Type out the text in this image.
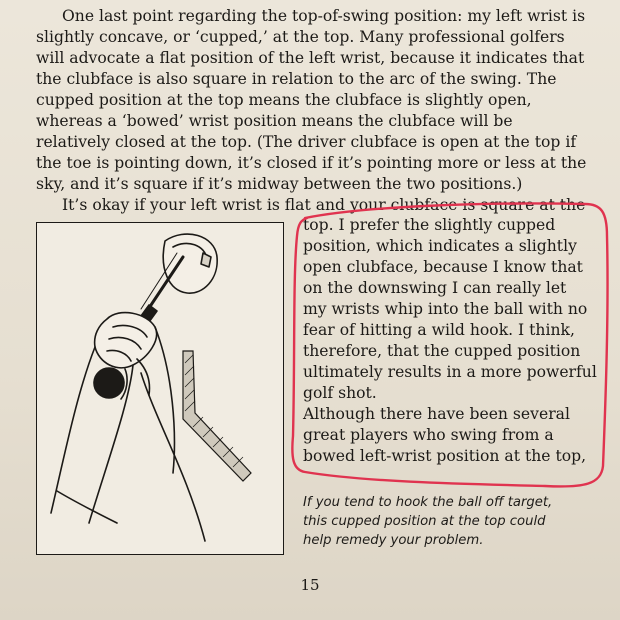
One last point regarding the top-of-swing position: my left wrist is
slightly concave, or ‘cupped,’ at the top. Many professional golfers
will advocate a flat position of the left wrist, because it indicates that
the clubface is also square in relation to the arc of the swing. The
cupped position at the top means the clubface is slightly open,
whereas a ‘bowed’ wrist position means the clubface will be
relatively closed at the top. (The driver clubface is open at the top if
the toe is pointing down, it’s closed if it’s pointing more or less at the
sky, and it’s square if it’s midway between the two positions.)

It’s okay if your left wrist is flat and your clubface is square at the

top. I prefer the slightly cupped
position, which indicates a slightly
open clubface, because I know that
on the downswing I can really let
my wrists whip into the ball with no
fear of hitting a wild hook. I think,
therefore, that the cupped position
ultimately results in a more powerful
golf shot.

Although there have been several
great players who swing from a
bowed left-wrist position at the top,

If you tend to hook the ball off target,
this cupped position at the top could
help remedy your problem.

15
